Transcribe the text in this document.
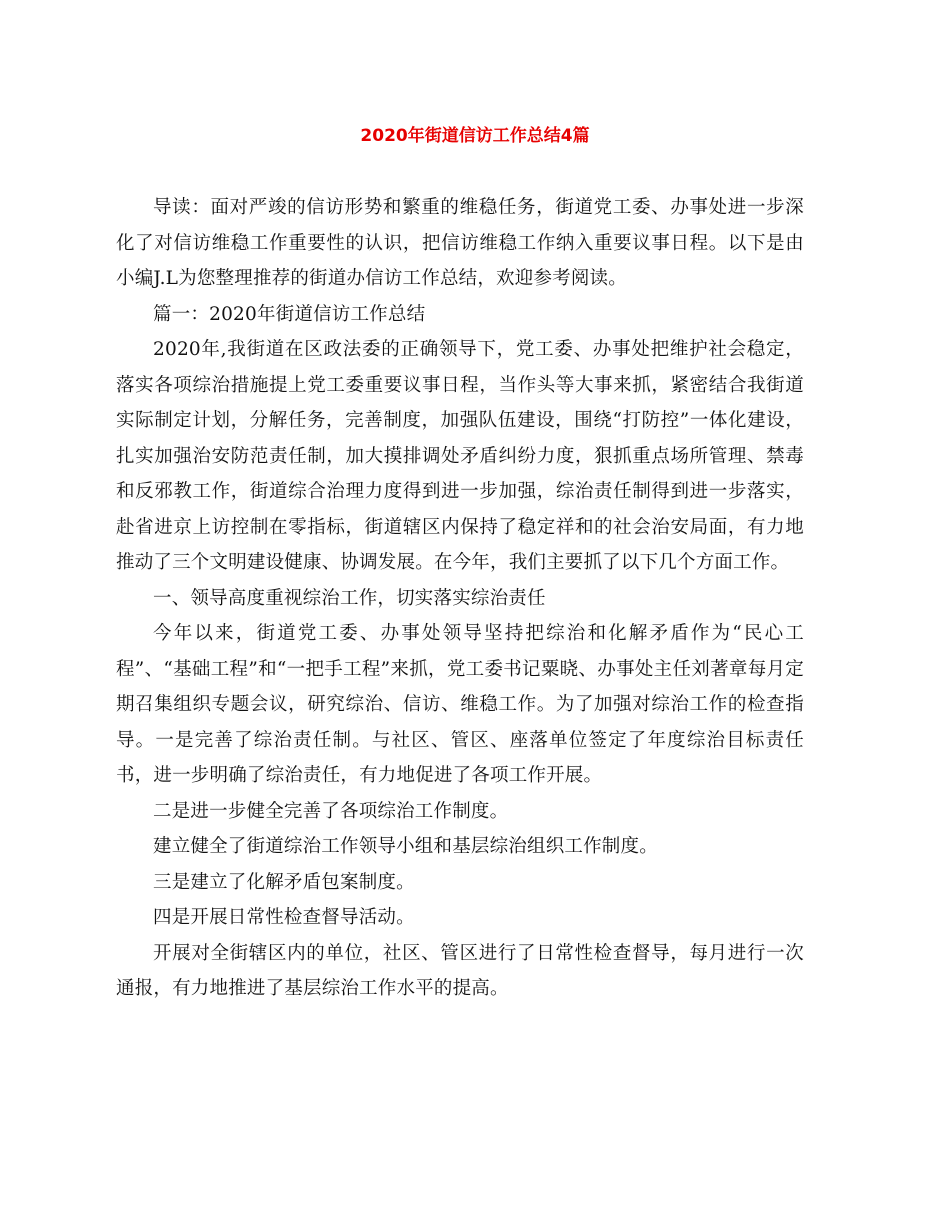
2020年街道信访工作总结4篇

导读：面对严竣的信访形势和繁重的维稳任务，街道党工委、办事处进一步深化了对信访维稳工作重要性的认识，把信访维稳工作纳入重要议事日程。以下是由小编J.L为您整理推荐的街道办信访工作总结，欢迎参考阅读。

篇一：2020年街道信访工作总结

2020年,我街道在区政法委的正确领导下，党工委、办事处把维护社会稳定，落实各项综治措施提上党工委重要议事日程，当作头等大事来抓，紧密结合我街道实际制定计划，分解任务，完善制度，加强队伍建设，围绕“打防控”一体化建设，扎实加强治安防范责任制，加大摸排调处矛盾纠纷力度，狠抓重点场所管理、禁毒和反邪教工作，街道综合治理力度得到进一步加强，综治责任制得到进一步落实，赴省进京上访控制在零指标，街道辖区内保持了稳定祥和的社会治安局面，有力地推动了三个文明建设健康、协调发展。在今年，我们主要抓了以下几个方面工作。

一、领导高度重视综治工作，切实落实综治责任

今年以来，街道党工委、办事处领导坚持把综治和化解矛盾作为“民心工程”、“基础工程”和“一把手工程”来抓，党工委书记粟晓、办事处主任刘著章每月定期召集组织专题会议，研究综治、信访、维稳工作。为了加强对综治工作的检查指导。一是完善了综治责任制。与社区、管区、座落单位签定了年度综治目标责任书，进一步明确了综治责任，有力地促进了各项工作开展。

二是进一步健全完善了各项综治工作制度。

建立健全了街道综治工作领导小组和基层综治组织工作制度。

三是建立了化解矛盾包案制度。

四是开展日常性检查督导活动。

开展对全街辖区内的单位，社区、管区进行了日常性检查督导，每月进行一次通报，有力地推进了基层综治工作水平的提高。
